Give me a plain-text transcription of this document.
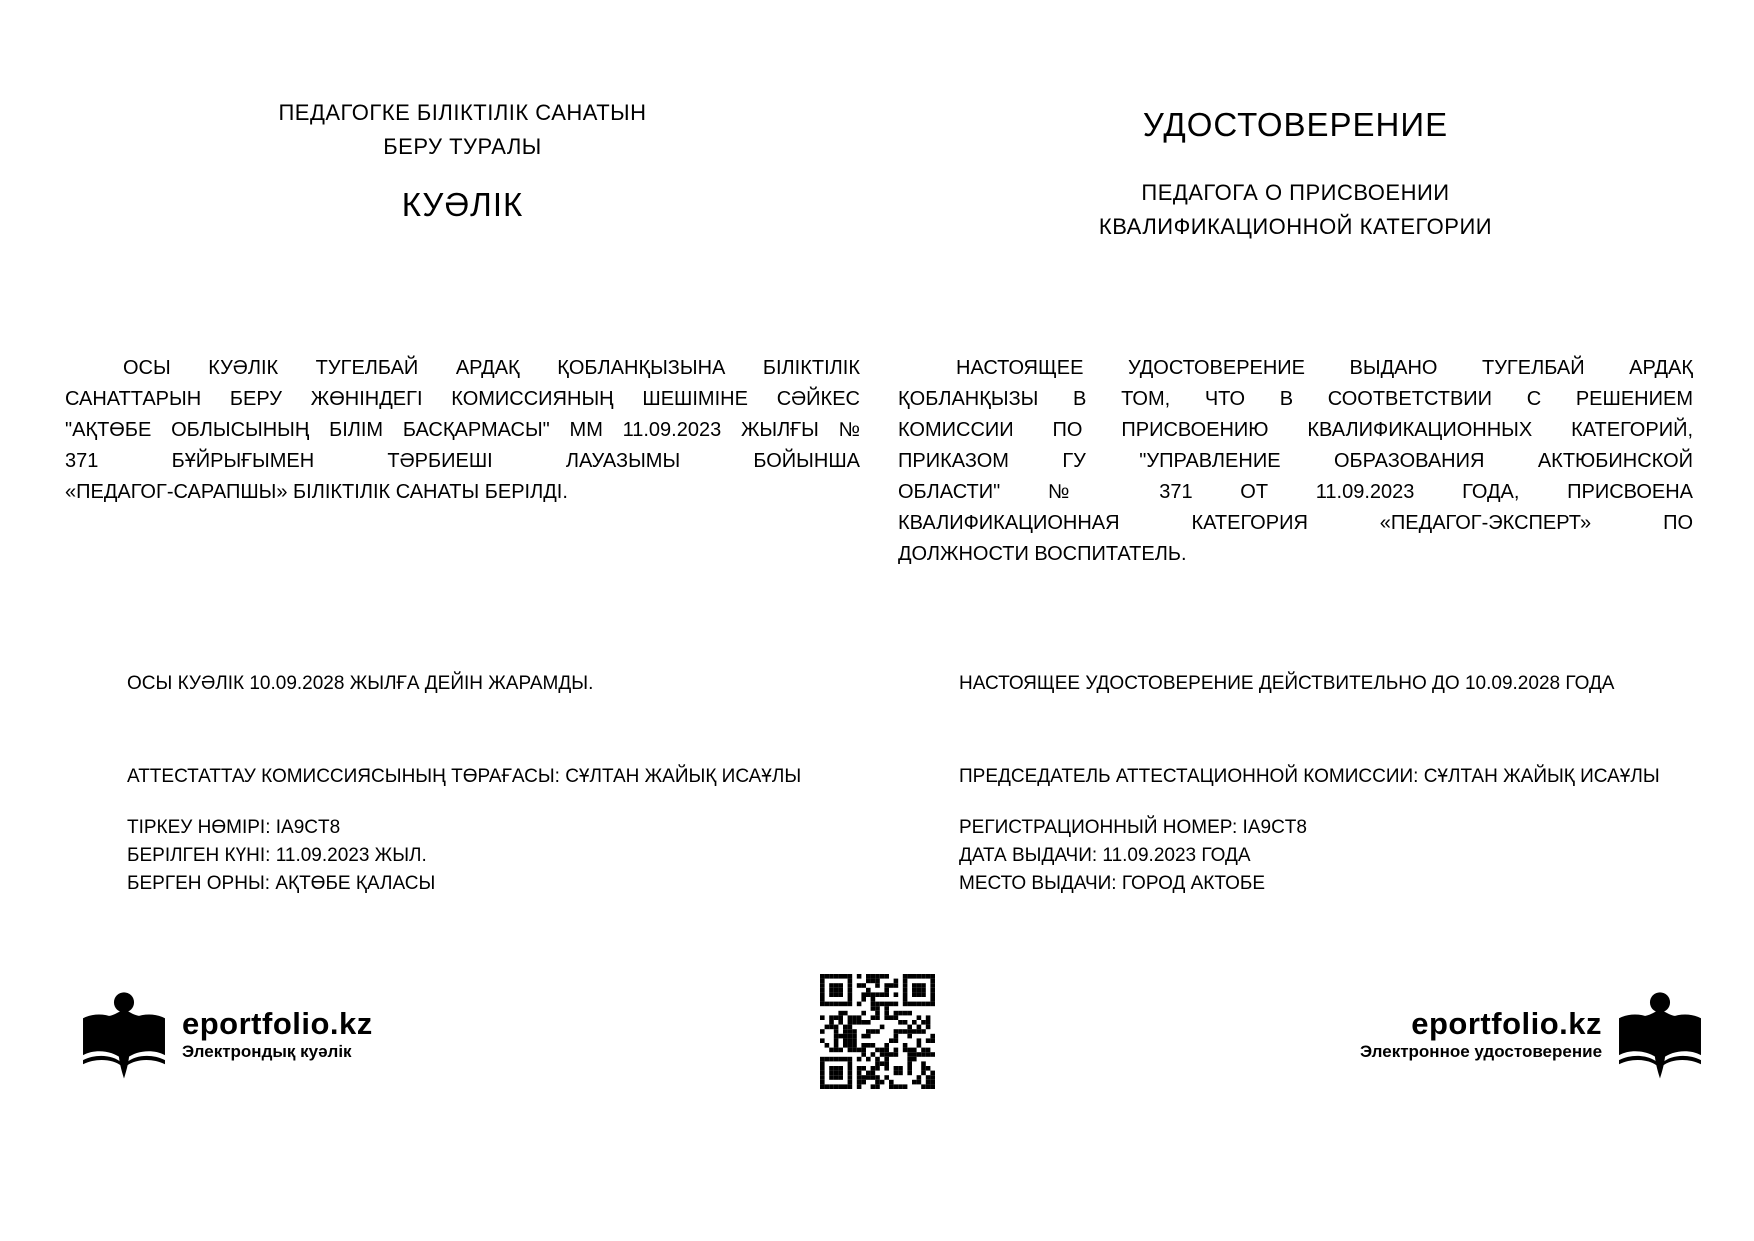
ПЕДАГОГКЕ БІЛІКТІЛІК САНАТЫН
БЕРУ ТУРАЛЫ
КУӘЛІК
ОСЫ КУӘЛІК ТУГЕЛБАЙ АРДАҚ ҚОБЛАНҚЫЗЫНА БІЛІКТІЛІК
САНАТТАРЫН БЕРУ ЖӨНІНДЕГІ КОМИССИЯНЫҢ ШЕШІМІНЕ СӘЙКЕС
"АҚТӨБЕ ОБЛЫСЫНЫҢ БІЛІМ БАСҚАРМАСЫ" ММ 11.09.2023 ЖЫЛҒЫ №
371 БҰЙРЫҒЫМЕН ТӘРБИЕШІ ЛАУАЗЫМЫ БОЙЫНША
«ПЕДАГОГ-САРАПШЫ» БІЛІКТІЛІК САНАТЫ БЕРІЛДІ.
ОСЫ КУӘЛІК 10.09.2028 ЖЫЛҒА ДЕЙІН ЖАРАМДЫ.
АТТЕСТАТТАУ КОМИССИЯСЫНЫҢ ТӨРАҒАСЫ: СҰЛТАН ЖАЙЫҚ ИСАҰЛЫ
ТІРКЕУ НӨМІРІ: IA9CT8
БЕРІЛГЕН КҮНІ: 11.09.2023 ЖЫЛ.
БЕРГЕН ОРНЫ: АҚТӨБЕ ҚАЛАСЫ
УДОСТОВЕРЕНИЕ
ПЕДАГОГА О ПРИСВОЕНИИ
КВАЛИФИКАЦИОННОЙ КАТЕГОРИИ
НАСТОЯЩЕЕ УДОСТОВЕРЕНИЕ ВЫДАНО ТУГЕЛБАЙ АРДАҚ
ҚОБЛАНҚЫЗЫ В ТОМ, ЧТО В СООТВЕТСТВИИ С РЕШЕНИЕМ
КОМИССИИ ПО ПРИСВОЕНИЮ КВАЛИФИКАЦИОННЫХ КАТЕГОРИЙ,
ПРИКАЗОМ ГУ "УПРАВЛЕНИЕ ОБРАЗОВАНИЯ АКТЮБИНСКОЙ
ОБЛАСТИ" № 371 ОТ 11.09.2023 ГОДА, ПРИСВОЕНА
КВАЛИФИКАЦИОННАЯ КАТЕГОРИЯ «ПЕДАГОГ-ЭКСПЕРТ» ПО
ДОЛЖНОСТИ ВОСПИТАТЕЛЬ.
НАСТОЯЩЕЕ УДОСТОВЕРЕНИЕ ДЕЙСТВИТЕЛЬНО ДО 10.09.2028 ГОДА
ПРЕДСЕДАТЕЛЬ АТТЕСТАЦИОННОЙ КОМИССИИ: СҰЛТАН ЖАЙЫҚ ИСАҰЛЫ
РЕГИСТРАЦИОННЫЙ НОМЕР: IA9CT8
ДАТА ВЫДАЧИ: 11.09.2023 ГОДА
МЕСТО ВЫДАЧИ: ГОРОД АКТОБЕ
eportfolio.kz
Электрондық куәлік
eportfolio.kz
Электронное удостоверение
